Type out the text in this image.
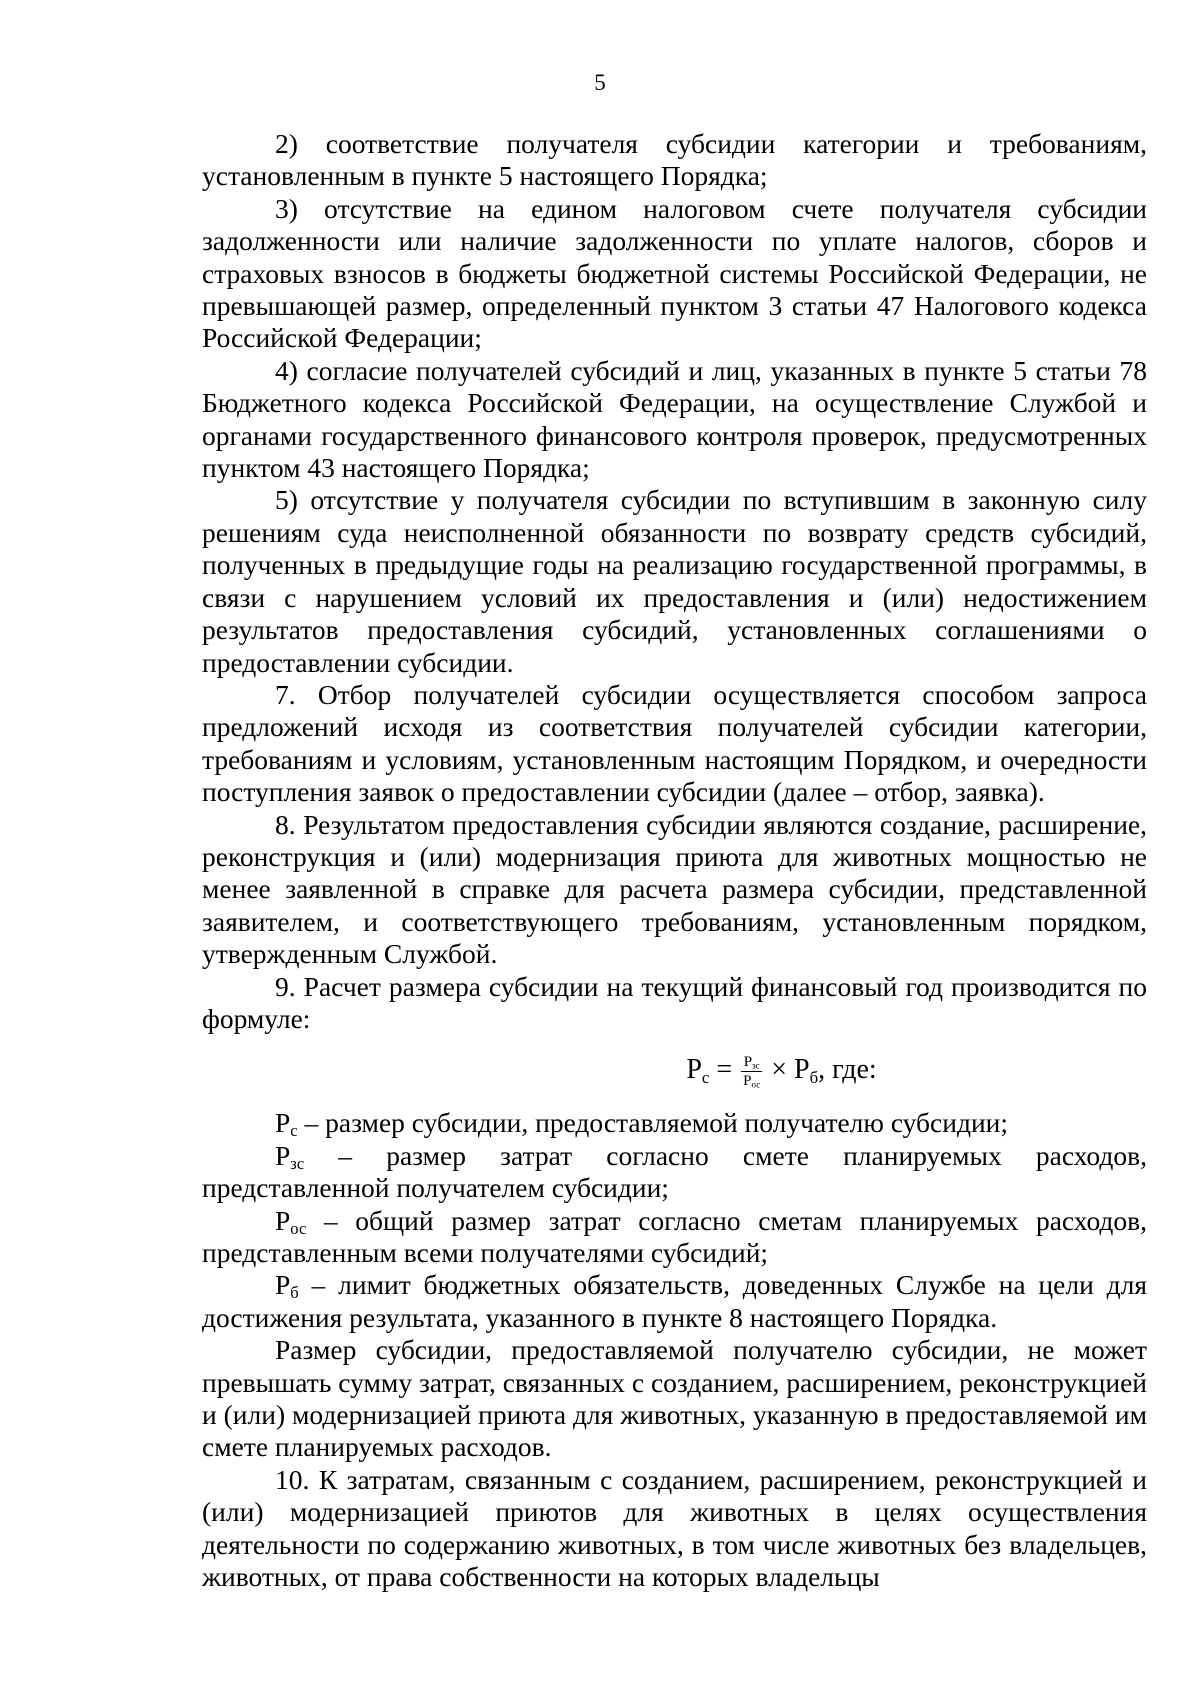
5

2) соответствие получателя субсидии категории и требованиям, установленным в пункте 5 настоящего Порядка;

3) отсутствие на едином налоговом счете получателя субсидии задолженности или наличие задолженности по уплате налогов, сборов и страховых взносов в бюджеты бюджетной системы Российской Федерации, не превышающей размер, определенный пунктом 3 статьи 47 Налогового кодекса Российской Федерации;

4) согласие получателей субсидий и лиц, указанных в пункте 5 статьи 78 Бюджетного кодекса Российской Федерации, на осуществление Службой и органами государственного финансового контроля проверок, предусмотренных пунктом 43 настоящего Порядка;

5) отсутствие у получателя субсидии по вступившим в законную силу решениям суда неисполненной обязанности по возврату средств субсидий, полученных в предыдущие годы на реализацию государственной программы, в связи с нарушением условий их предоставления и (или) недостижением результатов предоставления субсидий, установленных соглашениями о предоставлении субсидии.

7. Отбор получателей субсидии осуществляется способом запроса предложений исходя из соответствия получателей субсидии категории, требованиям и условиям, установленным настоящим Порядком, и очередности поступления заявок о предоставлении субсидии (далее – отбор, заявка).

8. Результатом предоставления субсидии являются создание, расширение, реконструкция и (или) модернизация приюта для животных мощностью не менее заявленной в справке для расчета размера субсидии, представленной заявителем, и соответствующего требованиям, установленным порядком, утвержденным Службой.

9. Расчет размера субсидии на текущий финансовый год производится по формуле:

$P_с = \frac{P_{зс}}{P_{ос}} \times P_б$, где:

$P_с$ – размер субсидии, предоставляемой получателю субсидии;

$P_{зс}$ – размер затрат согласно смете планируемых расходов, представленной получателем субсидии;

$P_{ос}$ – общий размер затрат согласно сметам планируемых расходов, представленным всеми получателями субсидий;

$P_б$ – лимит бюджетных обязательств, доведенных Службе на цели для достижения результата, указанного в пункте 8 настоящего Порядка.

Размер субсидии, предоставляемой получателю субсидии, не может превышать сумму затрат, связанных с созданием, расширением, реконструкцией и (или) модернизацией приюта для животных, указанную в предоставляемой им смете планируемых расходов.

10. К затратам, связанным с созданием, расширением, реконструкцией и (или) модернизацией приютов для животных в целях осуществления деятельности по содержанию животных, в том числе животных без владельцев, животных, от права собственности на которых владельцы
